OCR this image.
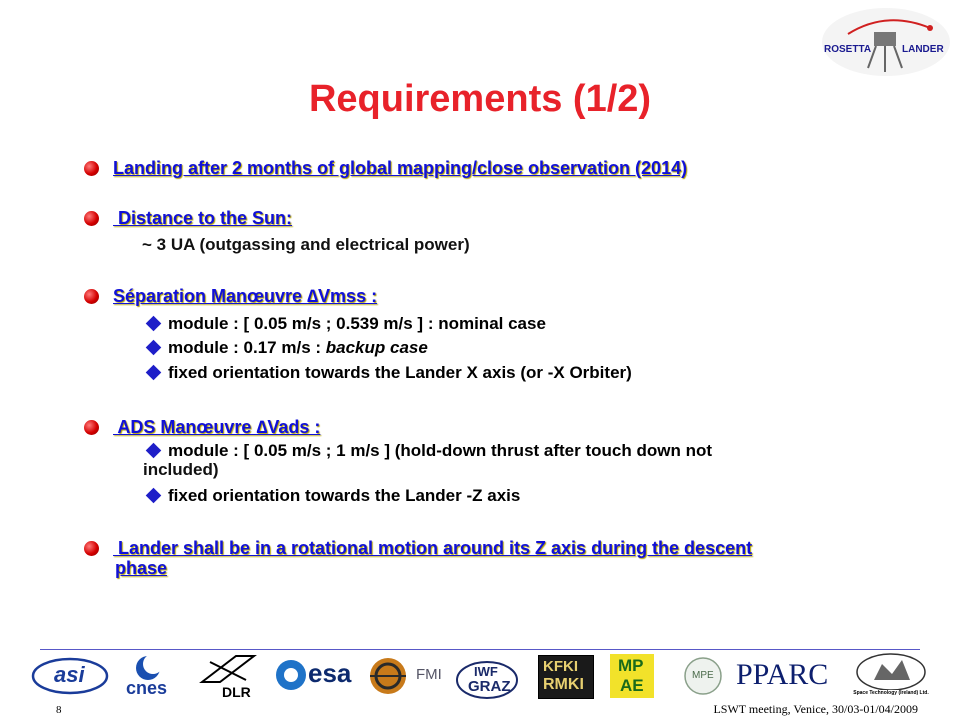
ROSETTA	LANDER
Requirements (1/2)
Landing after 2 months of global mapping/close observation (2014)
Distance to the Sun:
~ 3 UA (outgassing and electrical power)
Séparation Manœuvre ∆Vmss :
module : [ 0.05 m/s ; 0.539 m/s ] : nominal case
module : 0.17 m/s : backup case
fixed orientation towards the Lander X axis (or -X Orbiter)
ADS Manœuvre ∆Vads :
module : [ 0.05 m/s ; 1 m/s ] (hold-down thrust after touch down not
included)
fixed orientation towards the Lander -Z axis
Lander shall be in a rotational motion around its Z axis during the descent
phase
asi
cnes	DLR
esa	FMI IWF
GRAZ
KFKI
RMKI
MP
AE
MPE PPARC
Space Technology (Ireland) Ltd.
8	LSWT meeting, Venice, 30/03-01/04/2009
